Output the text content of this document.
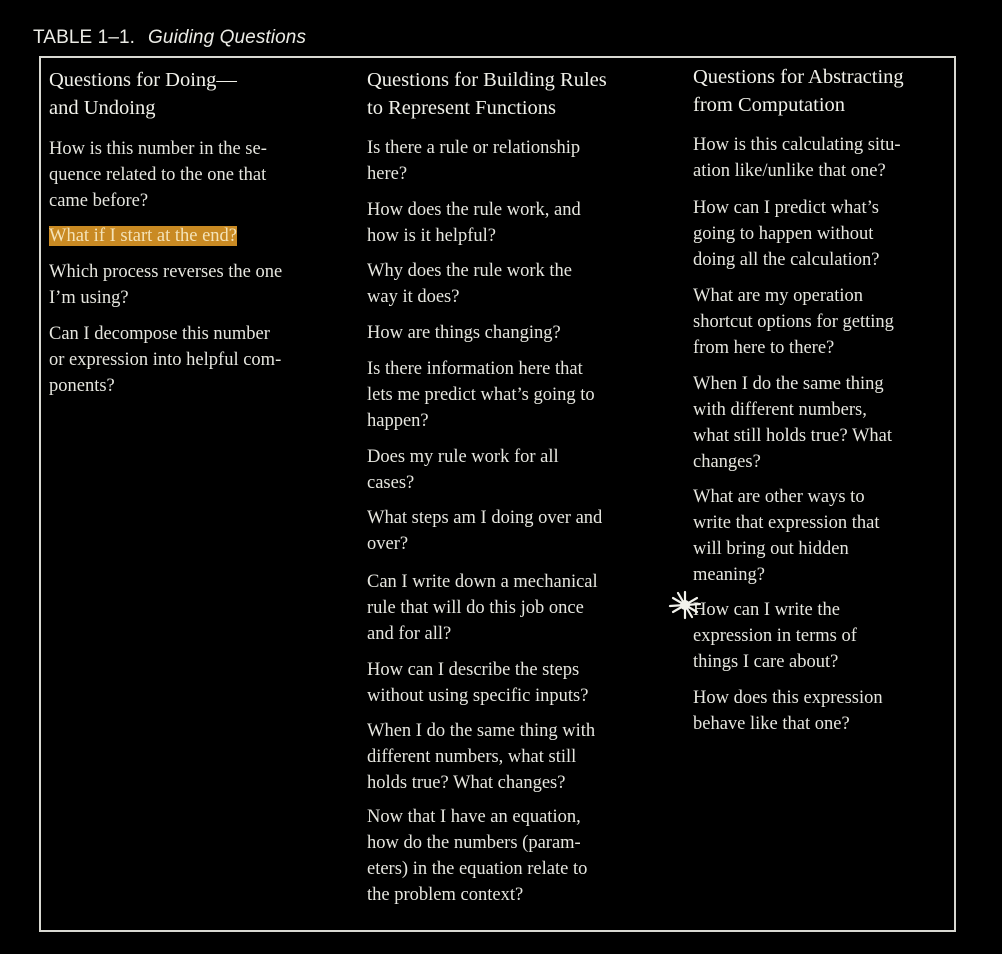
TABLE 1–1. Guiding Questions
Questions for Doing—
and Undoing
How is this number in the se-
quence related to the one that
came before?
What if I start at the end?
Which process reverses the one
I’m using?
Can I decompose this number
or expression into helpful com-
ponents?
Questions for Building Rules
to Represent Functions
Is there a rule or relationship
here?
How does the rule work, and
how is it helpful?
Why does the rule work the
way it does?
How are things changing?
Is there information here that
lets me predict what’s going to
happen?
Does my rule work for all
cases?
What steps am I doing over and
over?
Can I write down a mechanical
rule that will do this job once
and for all?
How can I describe the steps
without using specific inputs?
When I do the same thing with
different numbers, what still
holds true? What changes?
Now that I have an equation,
how do the numbers (param-
eters) in the equation relate to
the problem context?
Questions for Abstracting
from Computation
How is this calculating situ-
ation like/unlike that one?
How can I predict what’s
going to happen without
doing all the calculation?
What are my operation
shortcut options for getting
from here to there?
When I do the same thing
with different numbers,
what still holds true? What
changes?
What are other ways to
write that expression that
will bring out hidden
meaning?
How can I write the
expression in terms of
things I care about?
How does this expression
behave like that one?
